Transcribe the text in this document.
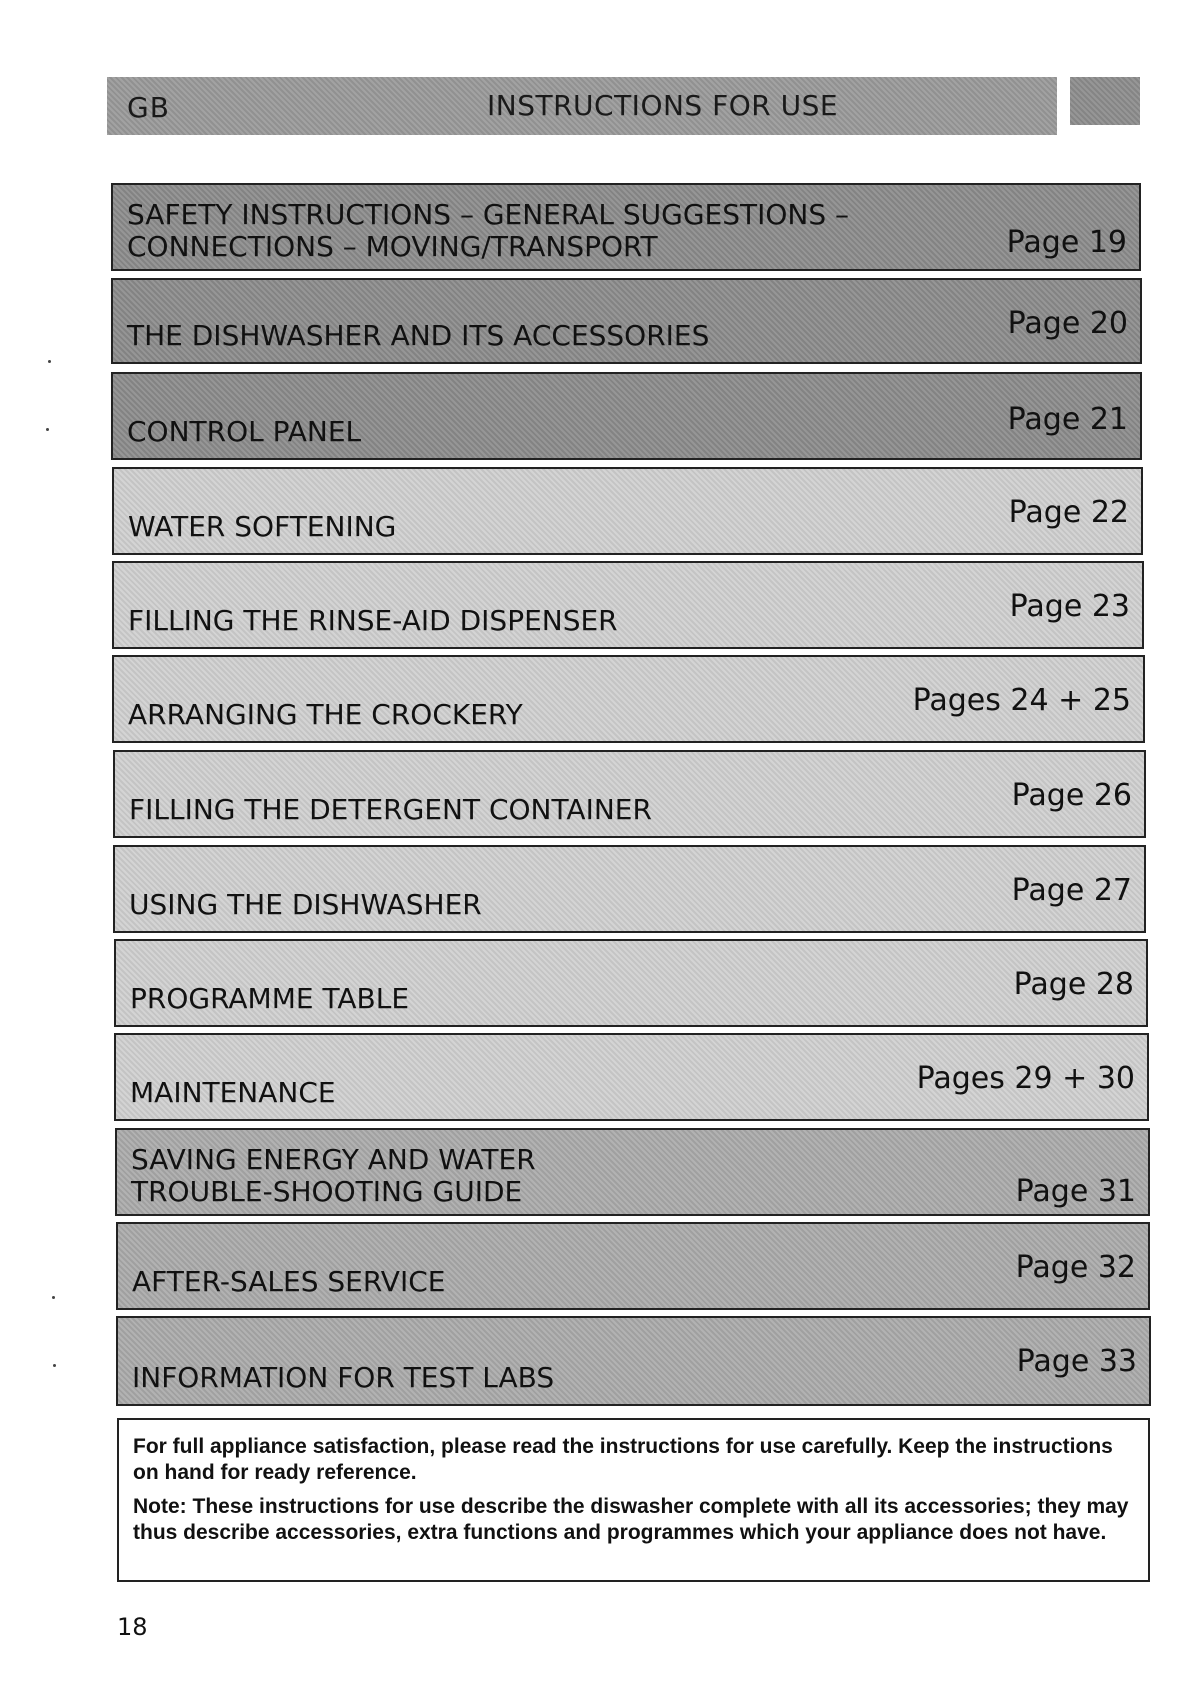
GB	INSTRUCTIONS FOR USE
SAFETY INSTRUCTIONS – GENERAL SUGGESTIONS –
CONNECTIONS – MOVING/TRANSPORT	Page 19
THE DISHWASHER AND ITS ACCESSORIES	Page 20
CONTROL PANEL	Page 21
WATER SOFTENING	Page 22
FILLING THE RINSE-AID DISPENSER	Page 23
ARRANGING THE CROCKERY	Pages 24 + 25
FILLING THE DETERGENT CONTAINER	Page 26
USING THE DISHWASHER	Page 27
PROGRAMME TABLE	Page 28
MAINTENANCE	Pages 29 + 30
SAVING ENERGY AND WATER
TROUBLE-SHOOTING GUIDE	Page 31
AFTER-SALES SERVICE	Page 32
INFORMATION FOR TEST LABS	Page 33

For full appliance satisfaction, please read the instructions for use carefully. Keep the instructions on hand for ready reference.

Note: These instructions for use describe the diswasher complete with all its accessories; they may thus describe accessories, extra functions and programmes which your appliance does not have.

18
